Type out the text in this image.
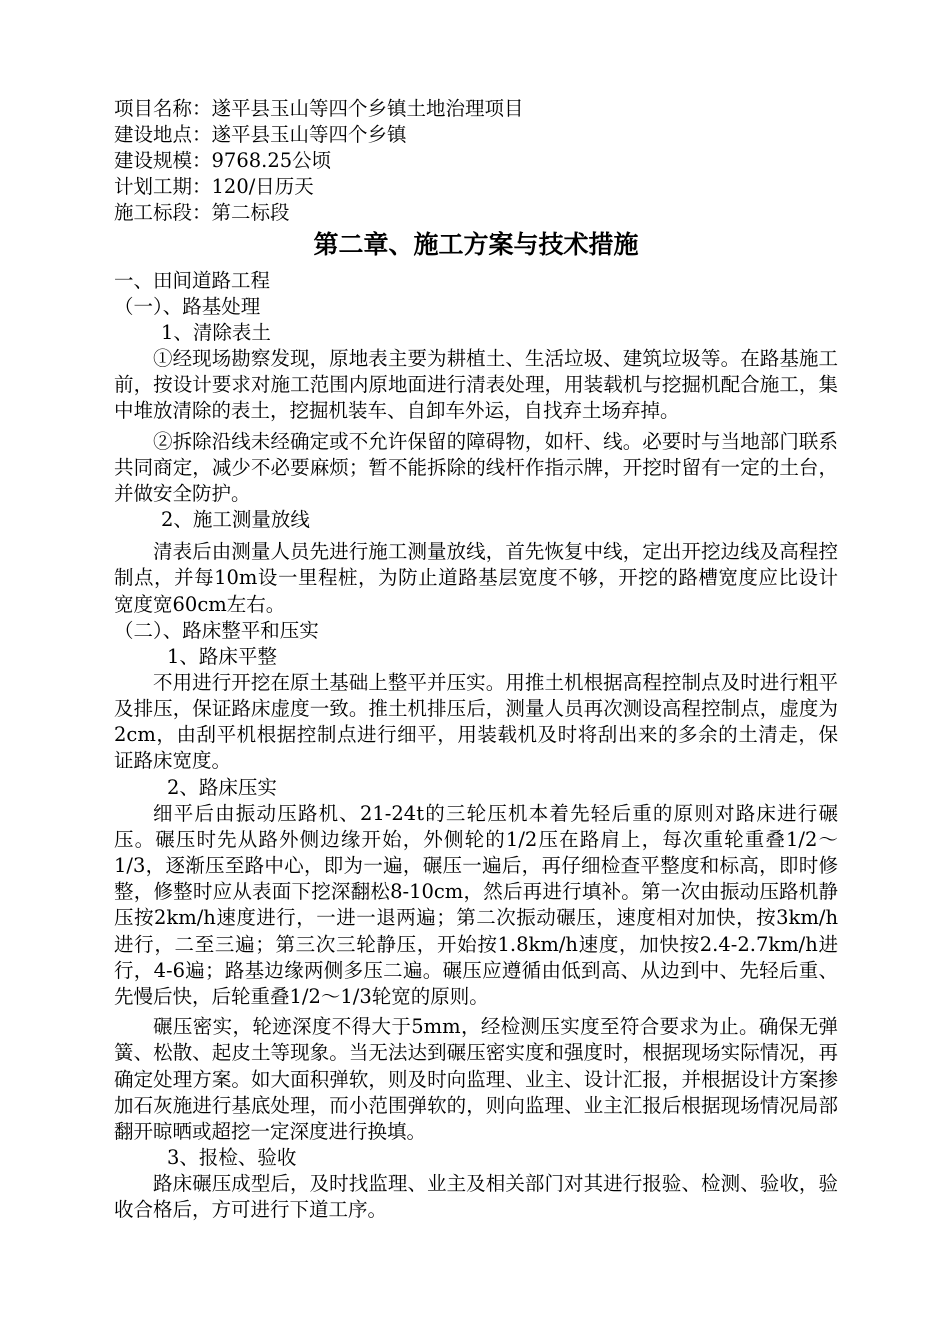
项目名称：遂平县玉山等四个乡镇土地治理项目

建设地点：遂平县玉山等四个乡镇

建设规模：9768.25公顷

计划工期：120/日历天

施工标段：第二标段

第二章、施工方案与技术措施

一、田间道路工程

（一）、路基处理

1、清除表土

①经现场勘察发现，原地表主要为耕植土、生活垃圾、建筑垃圾等。在路基施工前，按设计要求对施工范围内原地面进行清表处理，用装载机与挖掘机配合施工，集中堆放清除的表土，挖掘机装车、自卸车外运，自找弃土场弃掉。

②拆除沿线未经确定或不允许保留的障碍物，如杆、线。必要时与当地部门联系共同商定，减少不必要麻烦；暂不能拆除的线杆作指示牌，开挖时留有一定的土台，并做安全防护。

2、施工测量放线

清表后由测量人员先进行施工测量放线，首先恢复中线，定出开挖边线及高程控制点，并每10m设一里程桩，为防止道路基层宽度不够，开挖的路槽宽度应比设计宽度宽60cm左右。

（二）、路床整平和压实

1、路床平整

不用进行开挖在原土基础上整平并压实。用推土机根据高程控制点及时进行粗平及排压，保证路床虚度一致。推土机排压后，测量人员再次测设高程控制点，虚度为2cm，由刮平机根据控制点进行细平，用装载机及时将刮出来的多余的土清走，保证路床宽度。

2、路床压实

细平后由振动压路机、21-24t的三轮压机本着先轻后重的原则对路床进行碾压。碾压时先从路外侧边缘开始，外侧轮的1/2压在路肩上，每次重轮重叠1/2～1/3，逐渐压至路中心，即为一遍，碾压一遍后，再仔细检查平整度和标高，即时修整，修整时应从表面下挖深翻松8-10cm，然后再进行填补。第一次由振动压路机静压按2km/h速度进行，一进一退两遍；第二次振动碾压，速度相对加快，按3km/h进行，二至三遍；第三次三轮静压，开始按1.8km/h速度，加快按2.4-2.7km/h进行，4-6遍；路基边缘两侧多压二遍。碾压应遵循由低到高、从边到中、先轻后重、先慢后快，后轮重叠1/2～1/3轮宽的原则。

碾压密实，轮迹深度不得大于5mm，经检测压实度至符合要求为止。确保无弹簧、松散、起皮土等现象。当无法达到碾压密实度和强度时，根据现场实际情况，再确定处理方案。如大面积弹软，则及时向监理、业主、设计汇报，并根据设计方案掺加石灰施进行基底处理，而小范围弹软的，则向监理、业主汇报后根据现场情况局部翻开晾晒或超挖一定深度进行换填。

3、报检、验收

路床碾压成型后，及时找监理、业主及相关部门对其进行报验、检测、验收，验收合格后，方可进行下道工序。
